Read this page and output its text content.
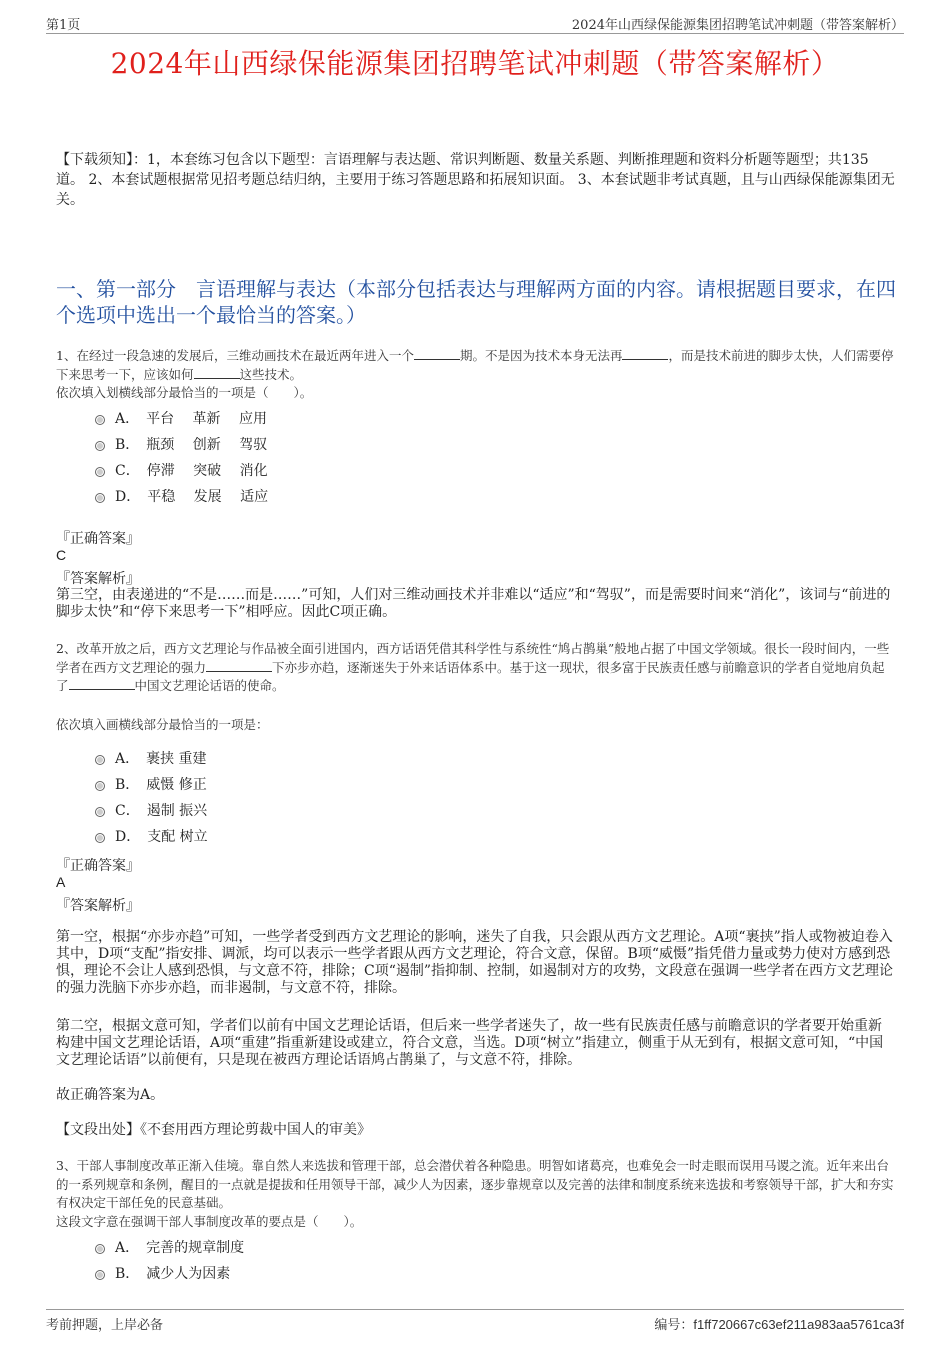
第1页	2024年山西绿保能源集团招聘笔试冲刺题（带答案解析）
2024年山西绿保能源集团招聘笔试冲刺题（带答案解析）
【下载须知】：1，本套练习包含以下题型：言语理解与表达题、常识判断题、数量关系题、判断推理题和资料分析题等题型；共135道。 2、本套试题根据常见招考题总结归纳，主要用于练习答题思路和拓展知识面。 3、本套试题非考试真题，且与山西绿保能源集团无关。
一、第一部分　言语理解与表达（本部分包括表达与理解两方面的内容。请根据题目要求，在四个选项中选出一个最恰当的答案。）
1、在经过一段急速的发展后，三维动画技术在最近两年进入一个	期。不是因为技术本身无法再	，而是技术前进的脚步太快，人们需要停下来思考一下，应该如何	这些技术。
依次填入划横线部分最恰当的一项是（　　）。
A．　平台　 革新　 应用
B．　瓶颈　 创新　 驾驭
C．　停滞　 突破　 消化
D．　平稳　 发展　 适应
『正确答案』
C
『答案解析』
第三空，由表递进的“不是……而是……”可知，人们对三维动画技术并非难以“适应”和“驾驭”，而是需要时间来“消化”，该词与“前进的脚步太快”和“停下来思考一下”相呼应。因此C项正确。
2、改革开放之后，西方文艺理论与作品被全面引进国内，西方话语凭借其科学性与系统性“鸠占鹊巢”般地占据了中国文学领域。很长一段时间内，一些学者在西方文艺理论的强力	下亦步亦趋，逐渐迷失于外来话语体系中。基于这一现状，很多富于民族责任感与前瞻意识的学者自觉地肩负起了	中国文艺理论话语的使命。
依次填入画横线部分最恰当的一项是：
A．　裹挟 重建
B．　威慑 修正
C．　遏制 振兴
D．　支配 树立
『正确答案』
A
『答案解析』
第一空，根据“亦步亦趋”可知，一些学者受到西方文艺理论的影响，迷失了自我，只会跟从西方文艺理论。A项“裹挟”指人或物被迫卷入其中，D项“支配”指安排、调派，均可以表示一些学者跟从西方文艺理论，符合文意，保留。B项“威慑”指凭借力量或势力使对方感到恐惧，理论不会让人感到恐惧，与文意不符，排除；C项“遏制”指抑制、控制，如遏制对方的攻势，文段意在强调一些学者在西方文艺理论的强力洗脑下亦步亦趋，而非遏制，与文意不符，排除。
第二空，根据文意可知，学者们以前有中国文艺理论话语，但后来一些学者迷失了，故一些有民族责任感与前瞻意识的学者要开始重新构建中国文艺理论话语，A项“重建”指重新建设或建立，符合文意，当选。D项“树立”指建立，侧重于从无到有，根据文意可知，“中国文艺理论话语”以前便有，只是现在被西方理论话语鸠占鹊巢了，与文意不符，排除。
故正确答案为A。
【文段出处】《不套用西方理论剪裁中国人的审美》
3、干部人事制度改革正渐入佳境。靠自然人来选拔和管理干部，总会潜伏着各种隐患。明智如诸葛亮，也难免会一时走眼而误用马谡之流。近年来出台的一系列规章和条例，醒目的一点就是提拔和任用领导干部，减少人为因素，逐步靠规章以及完善的法律和制度系统来选拔和考察领导干部，扩大和夯实有权决定干部任免的民意基础。
这段文字意在强调干部人事制度改革的要点是（　　）。
A．　完善的规章制度
B．　减少人为因素
考前押题，上岸必备	编号：f1ff720667c63ef211a983aa5761ca3f
